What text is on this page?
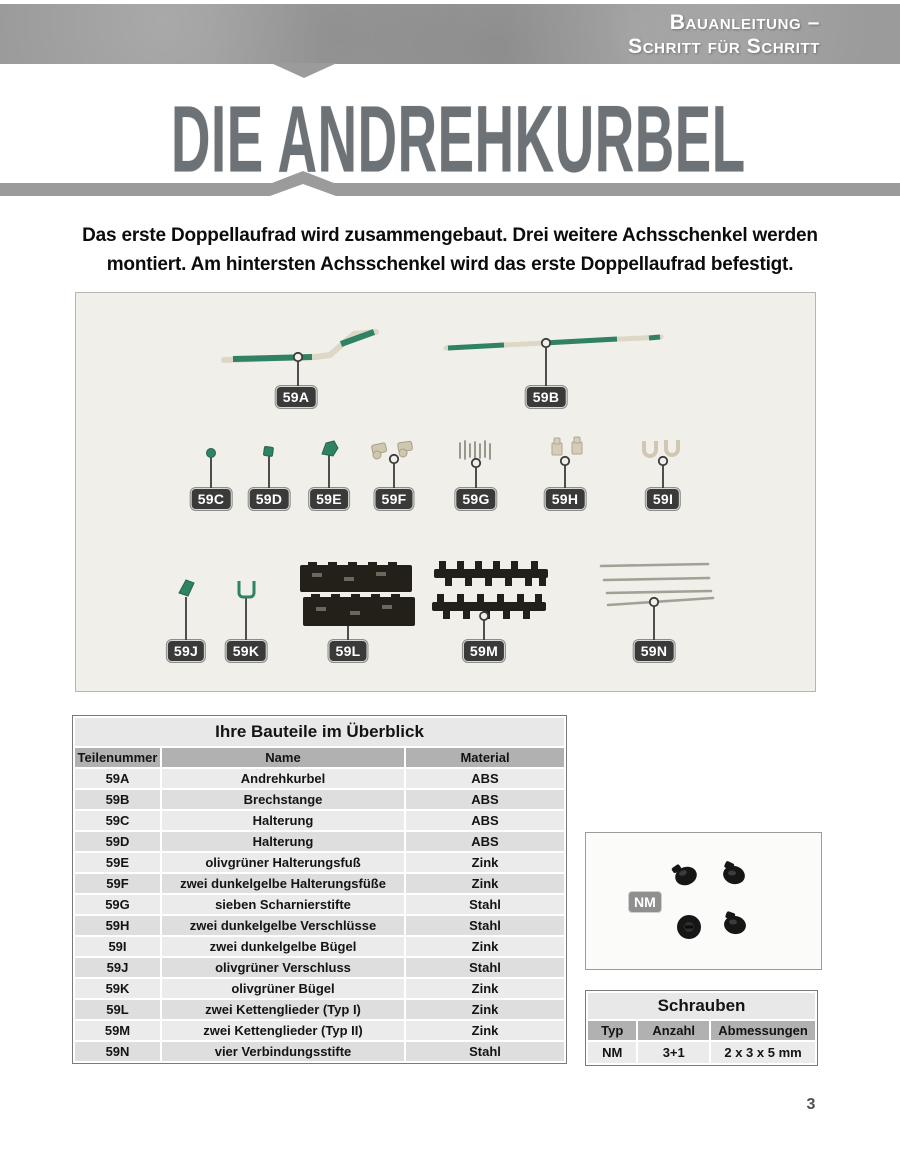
Bauanleitung –
Schritt für Schritt
DIE ANDREHKURBEL

Das erste Doppellaufrad wird zusammengebaut. Drei weitere Achsschenkel werden
montiert. Am hintersten Achsschenkel wird das erste Doppellaufrad befestigt.

59A	59B
59C	59D	59E	59F	59G	59H	59I
59J	59K	59L	59M	59N
Ihre Bauteile im Überblick		
Teilenummer	Name	Material
59A	Andrehkurbel	ABS
59B	Brechstange	ABS
59C	Halterung	ABS
59D	Halterung	ABS
59E	olivgrüner Halterungsfuß	Zink
59F	zwei dunkelgelbe Halterungsfüße	Zink
59G	sieben Scharnierstifte	Stahl
59H	zwei dunkelgelbe Verschlüsse	Stahl
59I	zwei dunkelgelbe Bügel	Zink
59J	olivgrüner Verschluss	Stahl
59K	olivgrüner Bügel	Zink
59L	zwei Kettenglieder (Typ I)	Zink
59M	zwei Kettenglieder (Typ II)	Zink
59N	vier Verbindungsstifte	Stahl
NM
Schrauben		
Typ	Anzahl	Abmessungen
NM	3+1	2 x 3 x 5 mm
3
